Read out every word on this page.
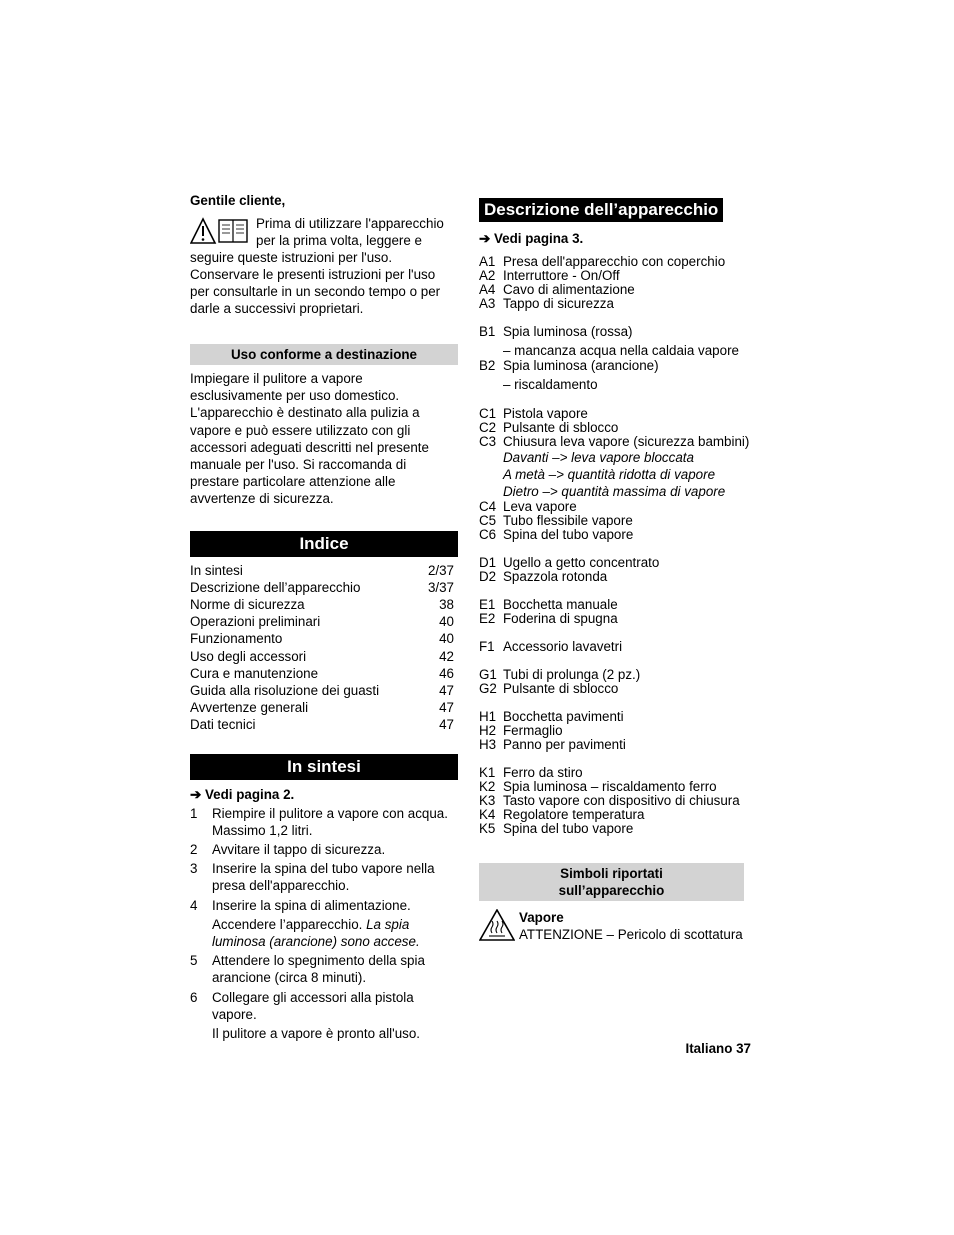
Gentile cliente,

Prima di utilizzare l'apparecchio per la prima volta, leggere e seguire queste istruzioni per l'uso. Conservare le presenti istruzioni per l'uso per consultarle in un secondo tempo o per darle a successivi proprietari.

Uso conforme a destinazione

Impiegare il pulitore a vapore esclusivamente per uso domestico. L'apparecchio è destinato alla pulizia a vapore e può essere utilizzato con gli accessori adeguati descritti nel presente manuale per l'uso. Si raccomanda di prestare particolare attenzione alle avvertenze di sicurezza.

Indice
In sintesi	2/37
Descrizione dell’apparecchio	3/37
Norme di sicurezza	38
Operazioni preliminari	40
Funzionamento	40
Uso degli accessori	42
Cura e manutenzione	46
Guida alla risoluzione dei guasti	47
Avvertenze generali	47
Dati tecnici	47
In sintesi
➔ Vedi pagina 2.
1 Riempire il pulitore a vapore con acqua. Massimo 1,2 litri.
2 Avvitare il tappo di sicurezza.
3 Inserire la spina del tubo vapore nella presa dell'apparecchio.
4 Inserire la spina di alimentazione.
Accendere l’apparecchio. La spia luminosa (arancione) sono accese.
5 Attendere lo spegnimento della spia arancione (circa 8 minuti).
6 Collegare gli accessori alla pistola vapore.
Il pulitore a vapore è pronto all'uso.
Descrizione dell’apparecchio
➔ Vedi pagina 3.
A1 Presa dell'apparecchio con coperchio
A2 Interruttore - On/Off
A4 Cavo di alimentazione
A3 Tappo di sicurezza
B1 Spia luminosa (rossa)
– mancanza acqua nella caldaia vapore
B2 Spia luminosa (arancione)
– riscaldamento
C1 Pistola vapore
C2 Pulsante di sblocco
C3 Chiusura leva vapore (sicurezza bambini)
Davanti –> leva vapore bloccata
A metà –> quantità ridotta di vapore
Dietro –> quantità massima di vapore
C4 Leva vapore
C5 Tubo flessibile vapore
C6 Spina del tubo vapore
D1 Ugello a getto concentrato
D2 Spazzola rotonda
E1 Bocchetta manuale
E2 Foderina di spugna
F1 Accessorio lavavetri
G1 Tubi di prolunga (2 pz.)
G2 Pulsante di sblocco
H1 Bocchetta pavimenti
H2 Fermaglio
H3 Panno per pavimenti
K1 Ferro da stiro
K2 Spia luminosa – riscaldamento ferro
K3 Tasto vapore con dispositivo di chiusura
K4 Regolatore temperatura
K5 Spina del tubo vapore
Simboli riportati
sull’apparecchio
Vapore
ATTENZIONE – Pericolo di scottatura
Italiano 37
